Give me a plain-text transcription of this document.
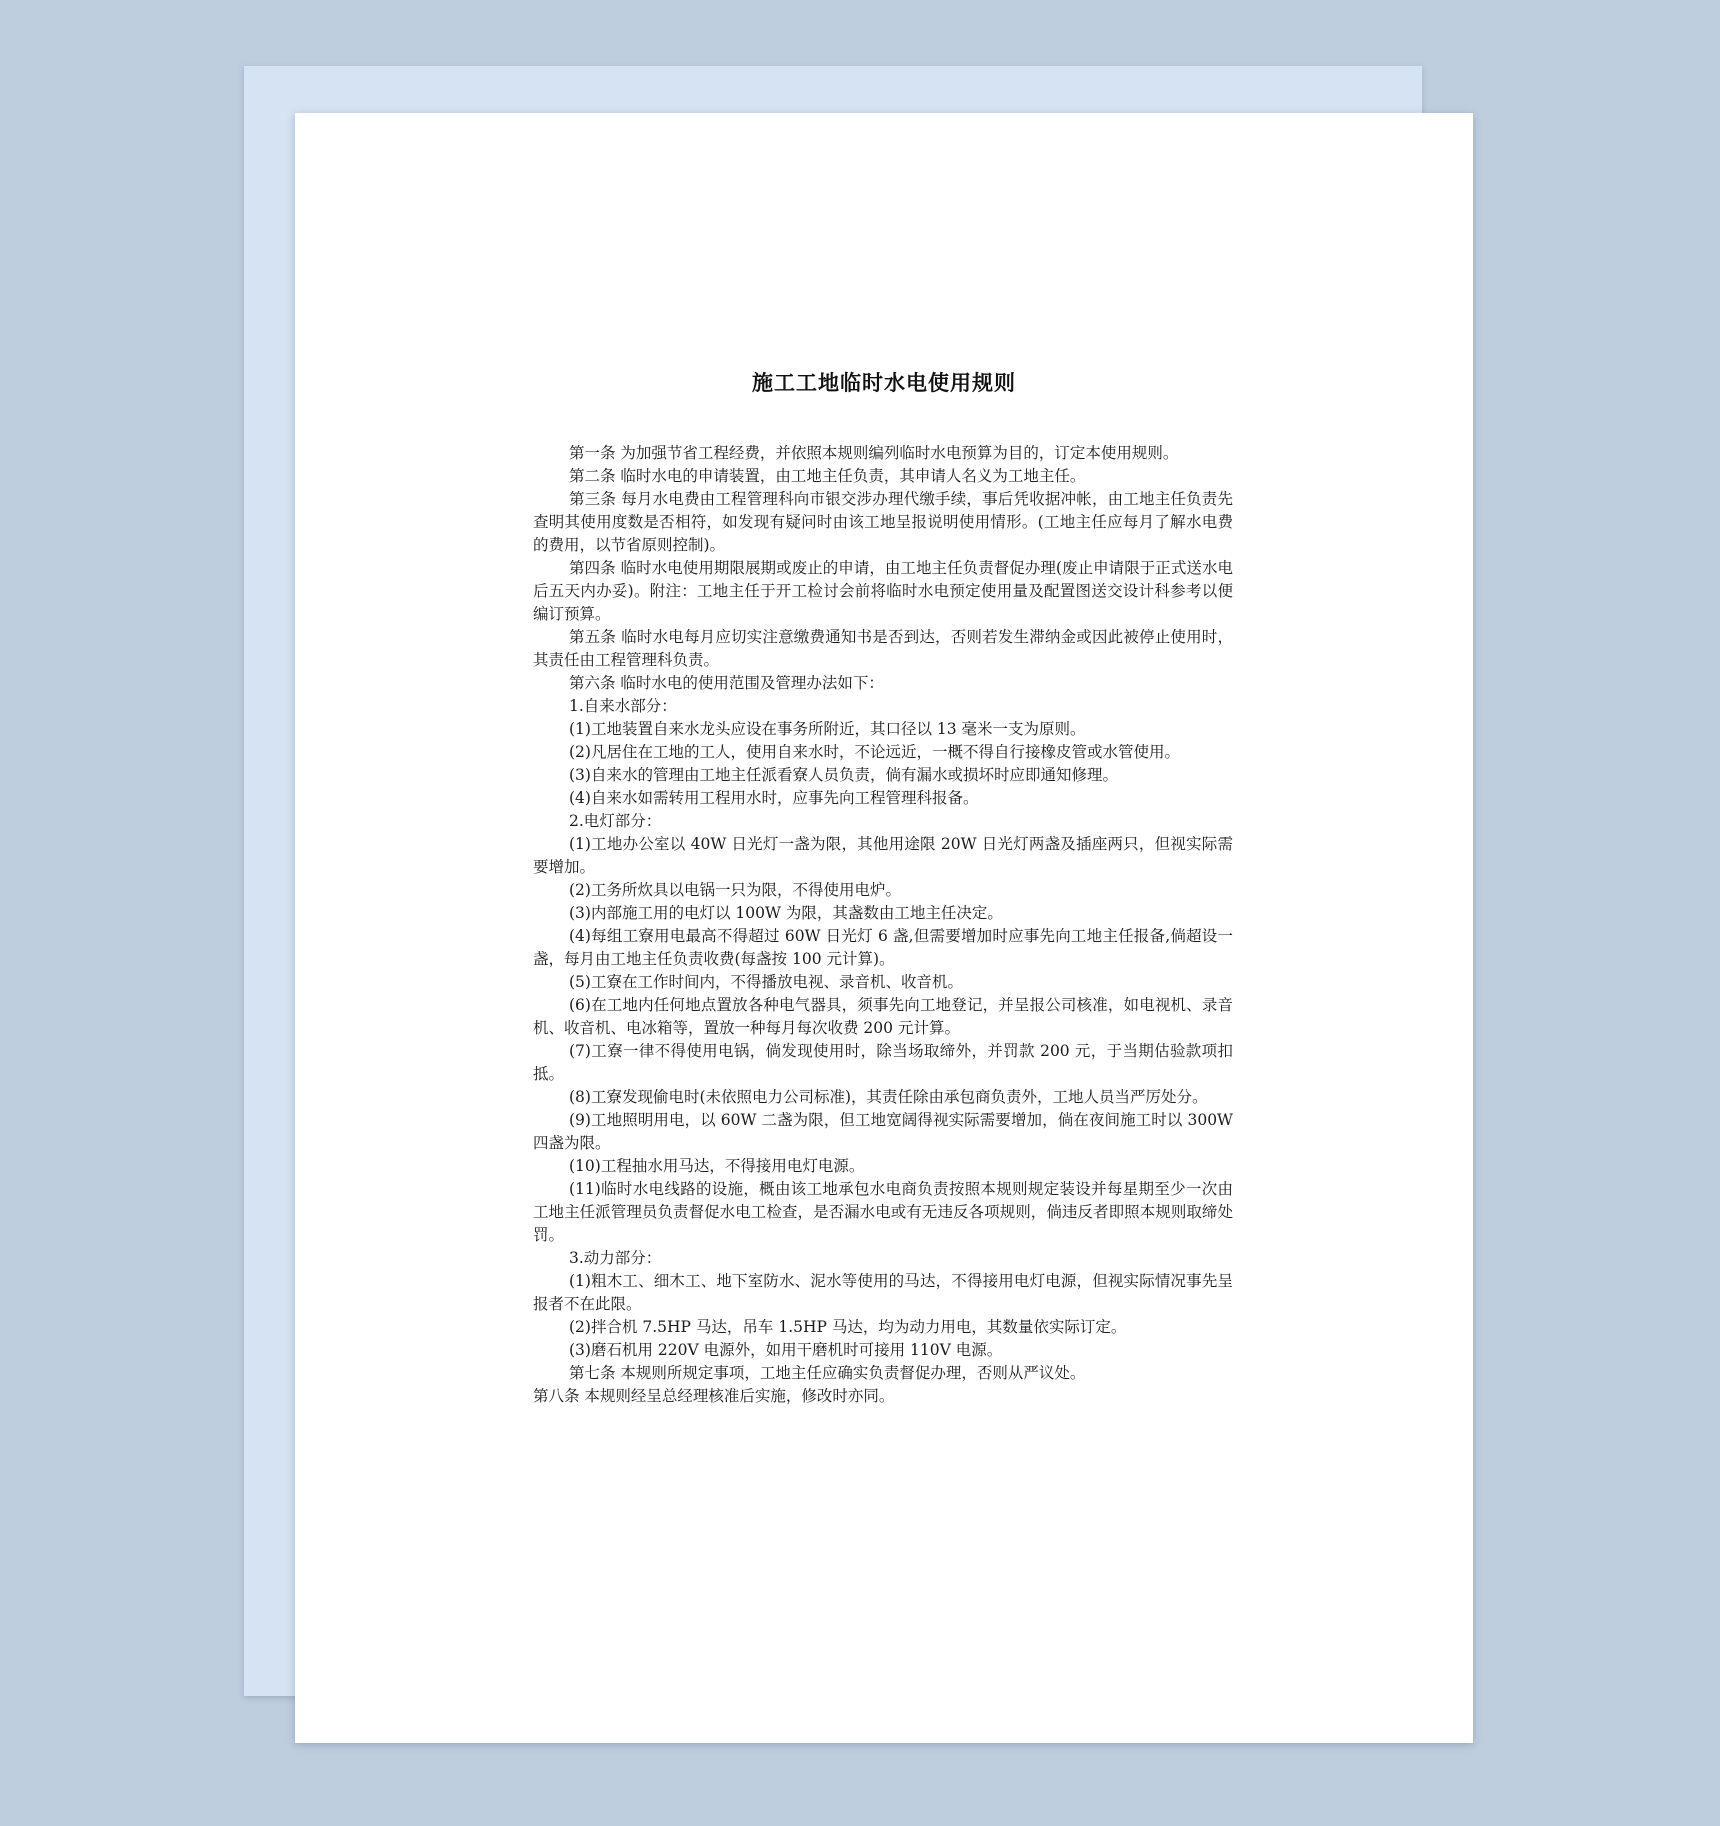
施工工地临时水电使用规则

第一条 为加强节省工程经费，并依照本规则编列临时水电预算为目的，订定本使用规则。

第二条 临时水电的申请装置，由工地主任负责，其申请人名义为工地主任。

第三条 每月水电费由工程管理科向市银交涉办理代缴手续，事后凭收据冲帐，由工地主任负责先查明其使用度数是否相符，如发现有疑问时由该工地呈报说明使用情形。(工地主任应每月了解水电费的费用，以节省原则控制)。

第四条 临时水电使用期限展期或废止的申请，由工地主任负责督促办理(废止申请限于正式送水电后五天内办妥)。附注：工地主任于开工检讨会前将临时水电预定使用量及配置图送交设计科参考以便编订预算。

第五条 临时水电每月应切实注意缴费通知书是否到达，否则若发生滞纳金或因此被停止使用时，其责任由工程管理科负责。

第六条 临时水电的使用范围及管理办法如下：

1.自来水部分：

(1)工地装置自来水龙头应设在事务所附近，其口径以 13 毫米一支为原则。

(2)凡居住在工地的工人，使用自来水时，不论远近，一概不得自行接橡皮管或水管使用。

(3)自来水的管理由工地主任派看寮人员负责，倘有漏水或损坏时应即通知修理。

(4)自来水如需转用工程用水时，应事先向工程管理科报备。

2.电灯部分：

(1)工地办公室以 40W 日光灯一盏为限，其他用途限 20W 日光灯两盏及插座两只，但视实际需要增加。

(2)工务所炊具以电锅一只为限，不得使用电炉。

(3)内部施工用的电灯以 100W 为限，其盏数由工地主任决定。

(4)每组工寮用电最高不得超过 60W 日光灯 6 盏,但需要增加时应事先向工地主任报备,倘超设一盏，每月由工地主任负责收费(每盏按 100 元计算)。

(5)工寮在工作时间内，不得播放电视、录音机、收音机。

(6)在工地内任何地点置放各种电气器具，须事先向工地登记，并呈报公司核准，如电视机、录音机、收音机、电冰箱等，置放一种每月每次收费 200 元计算。

(7)工寮一律不得使用电锅，倘发现使用时，除当场取缔外，并罚款 200 元，于当期估验款项扣抵。

(8)工寮发现偷电时(未依照电力公司标准)，其责任除由承包商负责外，工地人员当严厉处分。

(9)工地照明用电，以 60W 二盏为限，但工地宽阔得视实际需要增加，倘在夜间施工时以 300W 四盏为限。

(10)工程抽水用马达，不得接用电灯电源。

(11)临时水电线路的设施，概由该工地承包水电商负责按照本规则规定装设并每星期至少一次由工地主任派管理员负责督促水电工检查，是否漏水电或有无违反各项规则，倘违反者即照本规则取缔处罚。

3.动力部分：

(1)粗木工、细木工、地下室防水、泥水等使用的马达，不得接用电灯电源，但视实际情况事先呈报者不在此限。

(2)拌合机 7.5HP 马达，吊车 1.5HP 马达，均为动力用电，其数量依实际订定。

(3)磨石机用 220V 电源外，如用干磨机时可接用 110V 电源。

第七条 本规则所规定事项，工地主任应确实负责督促办理，否则从严议处。

第八条 本规则经呈总经理核准后实施，修改时亦同。
